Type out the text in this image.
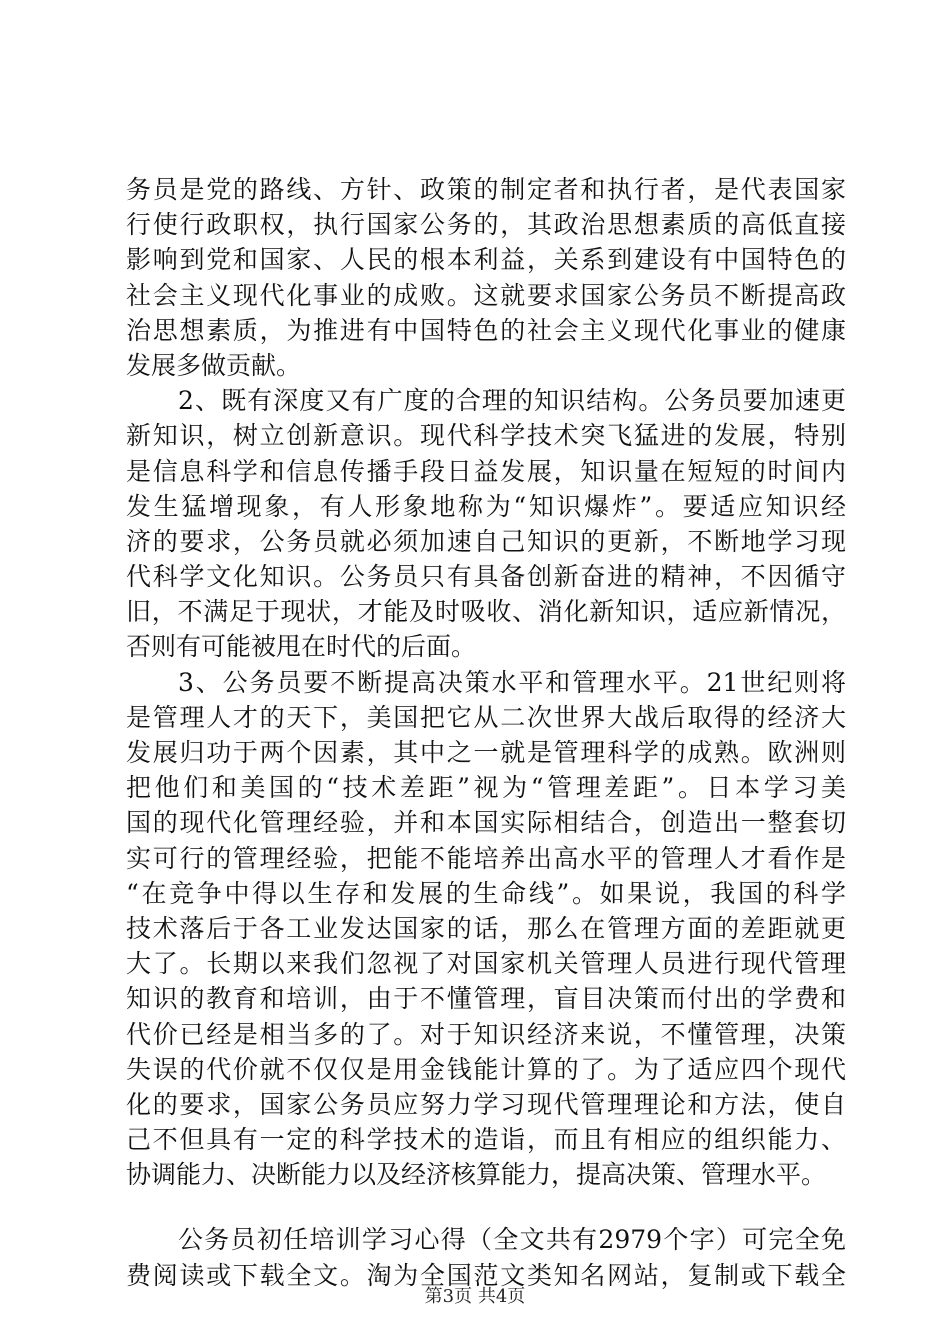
务员是党的路线、方针、政策的制定者和执行者，是代表国家
行使行政职权，执行国家公务的，其政治思想素质的高低直接
影响到党和国家、人民的根本利益，关系到建设有中国特色的
社会主义现代化事业的成败。这就要求国家公务员不断提高政
治思想素质，为推进有中国特色的社会主义现代化事业的健康
发展多做贡献。
2、既有深度又有广度的合理的知识结构。公务员要加速更
新知识，树立创新意识。现代科学技术突飞猛进的发展，特别
是信息科学和信息传播手段日益发展，知识量在短短的时间内
发生猛增现象，有人形象地称为“知识爆炸”。要适应知识经
济的要求，公务员就必须加速自己知识的更新，不断地学习现
代科学文化知识。公务员只有具备创新奋进的精神，不因循守
旧，不满足于现状，才能及时吸收、消化新知识，适应新情况，
否则有可能被甩在时代的后面。
3、公务员要不断提高决策水平和管理水平。21世纪则将
是管理人才的天下，美国把它从二次世界大战后取得的经济大
发展归功于两个因素，其中之一就是管理科学的成熟。欧洲则
把他们和美国的“技术差距”视为“管理差距”。日本学习美
国的现代化管理经验，并和本国实际相结合，创造出一整套切
实可行的管理经验，把能不能培养出高水平的管理人才看作是
“在竞争中得以生存和发展的生命线”。如果说，我国的科学
技术落后于各工业发达国家的话，那么在管理方面的差距就更
大了。长期以来我们忽视了对国家机关管理人员进行现代管理
知识的教育和培训，由于不懂管理，盲目决策而付出的学费和
代价已经是相当多的了。对于知识经济来说，不懂管理，决策
失误的代价就不仅仅是用金钱能计算的了。为了适应四个现代
化的要求，国家公务员应努力学习现代管理理论和方法，使自
己不但具有一定的科学技术的造诣，而且有相应的组织能力、
协调能力、决断能力以及经济核算能力，提高决策、管理水平。
公务员初任培训学习心得（全文共有2979个字）可完全免
费阅读或下载全文。淘为全国范文类知名网站，复制或下载全
第3页 共4页
